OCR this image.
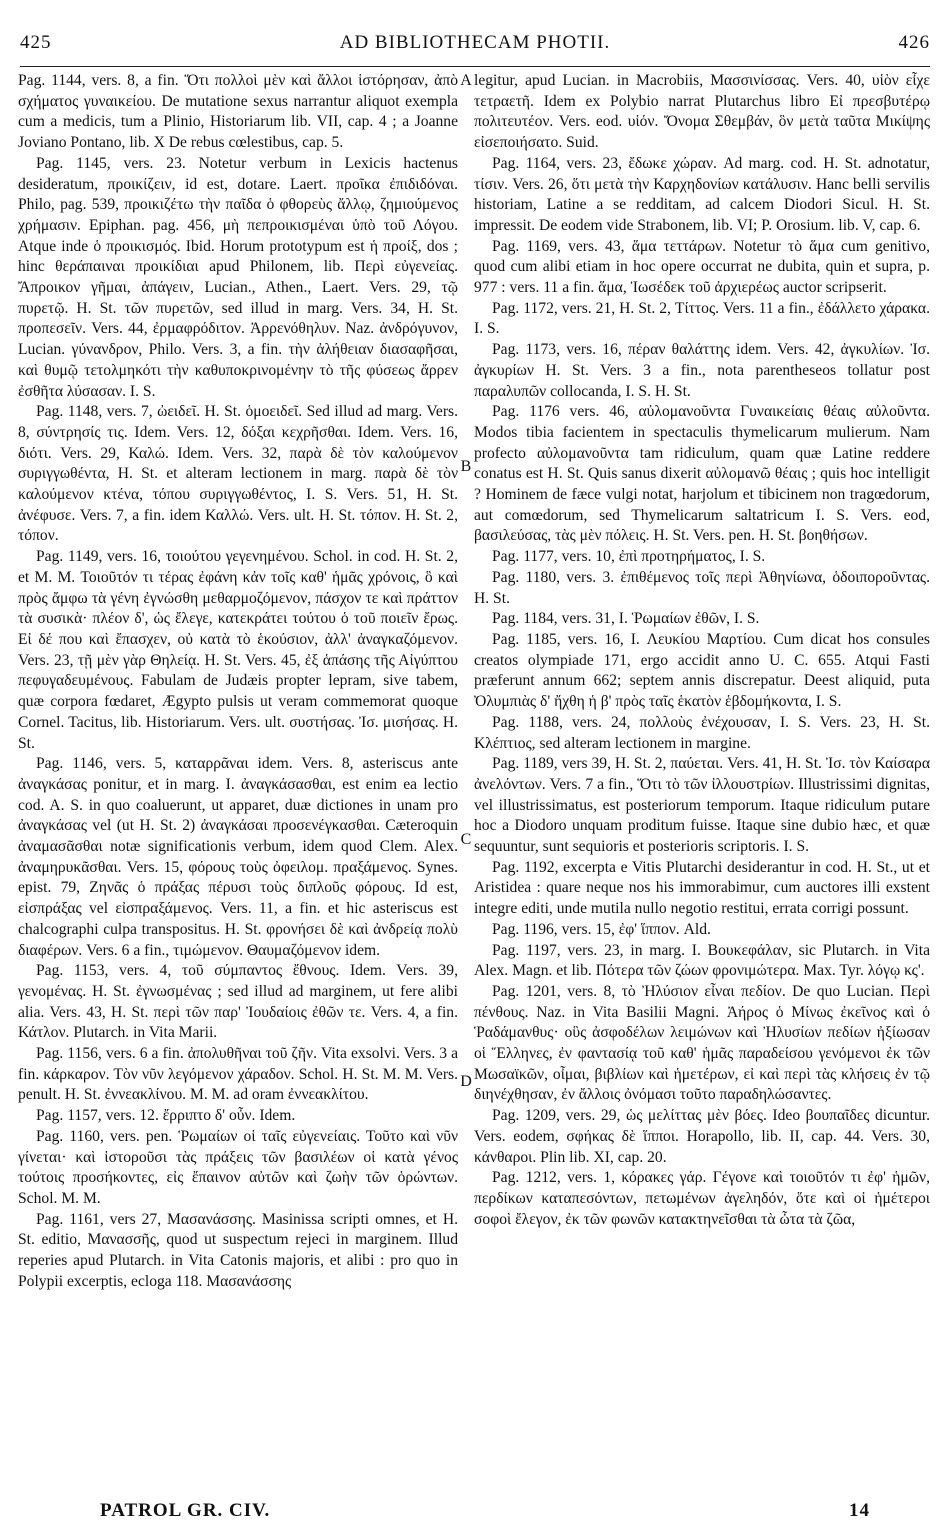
425	AD BIBLIOTHECAM PHOTII.	426

Pag. 1144, vers. 8, a fin. Ὅτι πολλοὶ μὲν καὶ ἄλλοι ἱστόρησαν, ἀπὸ σχήματος γυναικείου. De mutatione sexus narrantur aliquot exempla cum a medicis, tum a Plinio, Historiarum lib. VII, cap. 4 ; a Joanne Joviano Pontano, lib. X De rebus cœlestibus, cap. 5.

Pag. 1145, vers. 23. Notetur verbum in Lexicis hactenus desideratum, προικίζειν, id est, dotare. Laert. προῖκα ἐπιδιδόναι. Philo, pag. 539, προικιζέτω τὴν παῖδα ὁ φθορεὺς ἄλλῳ, ζημιούμενος χρήμασιν. Epiphan. pag. 456, μὴ πεπροικισμέναι ὑπὸ τοῦ Λόγου. Atque inde ὁ προικισμός. Ibid. Horum prototypum est ἡ προίξ, dos ; hinc θεράπαιναι προικίδιαι apud Philonem, lib. Περὶ εὐγενείας. Ἄπροικον γῆμαι, ἀπάγειν, Lucian., Athen., Laert. Vers. 29, τῷ πυρετῷ. H. St. τῶν πυρετῶν, sed illud in marg. Vers. 34, H. St. προπεσεῖν. Vers. 44, ἐρμαφρόδιτον. Ἀρρενόθηλυν. Naz. ἀνδρόγυνον, Lucian. γύνανδρον, Philo. Vers. 3, a fin. τὴν ἀλήθειαν διασαφῆσαι, καὶ θυμῷ τετολμηκότι τὴν καθυποκρινομένην τὸ τῆς φύσεως ἄρρεν ἐσθῆτα λύσασαν. I. S.

Pag. 1148, vers. 7, ὠειδεῖ. H. St. ὁμοειδεῖ. Sed illud ad marg. Vers. 8, σύντρησίς τις. Idem. Vers. 12, δόξαι κεχρῆσθαι. Idem. Vers. 16, διότι. Vers. 29, Καλώ. Idem. Vers. 32, παρὰ δὲ τὸν καλούμενον συριγγωθέντα, H. St. et alteram lectionem in marg. παρὰ δὲ τὸν καλούμενον κτένα, τόπου συριγγωθέντος, I. S. Vers. 51, H. St. ἀνέφυσε. Vers. 7, a fin. idem Καλλώ. Vers. ult. H. St. τόπον. H. St. 2, τόπον.

Pag. 1149, vers. 16, τοιούτου γεγενημένου. Schol. in cod. H. St. 2, et M. M. Τοιοῦτόν τι τέρας ἐφάνη κἀν τοῖς καθ' ἡμᾶς χρόνοις, ὃ καὶ πρὸς ἄμφω τὰ γένη ἐγνώσθη μεθαρμοζόμενον, πάσχον τε καὶ πράττον τὰ συσικὰ· πλέον δ', ὡς ἔλεγε, κατεκράτει τούτου ὁ τοῦ ποιεῖν ἔρως. Εἰ δέ που καὶ ἔπασχεν, οὐ κατὰ τὸ ἑκούσιον, ἀλλ' ἀναγκαζόμενον. Vers. 23, τῇ μὲν γὰρ Θηλείᾳ. H. St. Vers. 45, ἐξ ἁπάσης τῆς Αἰγύπτου πεφυγαδευμένους. Fabulam de Judæis propter lepram, sive tabem, quæ corpora fœdaret, Ægypto pulsis ut veram commemorat quoque Cornel. Tacitus, lib. Historiarum. Vers. ult. συστήσας. Ἰσ. μισήσας. H. St.

Pag. 1146, vers. 5, καταρρᾶναι idem. Vers. 8, asteriscus ante ἀναγκάσας ponitur, et in marg. I. ἀναγκάσασθαι, est enim ea lectio cod. A. S. in quo coaluerunt, ut apparet, duæ dictiones in unam pro ἀναγκάσας vel (ut H. St. 2) ἀναγκάσαι προσενέγκασθαι. Cæteroquin ἀναμασᾶσθαι notæ significationis verbum, idem quod Clem. Alex. ἀναμηρυκᾶσθαι. Vers. 15, φόρους τοὺς ὀφειλομ. πραξάμενος. Synes. epist. 79, Ζηνᾶς ὁ πράξας πέρυσι τοὺς διπλοῦς φόρους. Id est, εἰσπράξας vel εἰσπραξάμενος. Vers. 11, a fin. et hic asteriscus est chalcographi culpa transpositus. H. St. φρονήσει δὲ καὶ ἀνδρείᾳ πολὺ διαφέρων. Vers. 6 a fin., τιμώμενον. Θαυμαζόμενον idem.

Pag. 1153, vers. 4, τοῦ σύμπαντος ἔθνους. Idem. Vers. 39, γενομένας. H. St. ἐγνωσμένας ; sed illud ad marginem, ut fere alibi alia. Vers. 43, H. St. περὶ τῶν παρ' Ἰουδαίοις ἐθῶν τε. Vers. 4, a fin. Κάτλον. Plutarch. in Vita Marii.

Pag. 1156, vers. 6 a fin. ἀπολυθῆναι τοῦ ζῆν. Vita exsolvi. Vers. 3 a fin. κάρκαρον. Τὸν νῦν λεγόμενον χάραδον. Schol. H. St. M. M. Vers. penult. H. St. ἐννεακλίνου. M. M. ad oram ἐννεακλίτου.

Pag. 1157, vers. 12. ἔρριπτο δ' οὖν. Idem.

Pag. 1160, vers. pen. Ῥωμαίων οἱ ταῖς εὐγενείαις. Τοῦτο καὶ νῦν γίνεται· καὶ ἱστοροῦσι τὰς πράξεις τῶν βασιλέων οἱ κατὰ γένος τούτοις προσήκοντες, εἰς ἔπαινον αὐτῶν καὶ ζωὴν τῶν ὁρώντων. Schol. M. M.

Pag. 1161, vers 27, Μασανάσσης. Masinissa scripti omnes, et H. St. editio, Μανασσῆς, quod ut suspectum rejeci in marginem. Illud reperies apud Plutarch. in Vita Catonis majoris, et alibi : pro quo in Polypii excerptis, ecloga 118. Μασανάσσης

A
B
C
D

legitur, apud Lucian. in Macrobiis, Μασσινίσσας. Vers. 40, υἱὸν εἶχε τετραετῆ. Idem ex Polybio narrat Plutarchus libro Εἰ πρεσβυτέρῳ πολιτευτέον. Vers. eod. υἱόν. Ὄνομα Σθεμβάν, ὃν μετὰ ταῦτα Μικίψης εἰσεποιήσατο. Suid.

Pag. 1164, vers. 23, ἔδωκε χώραν. Ad marg. cod. H. St. adnotatur, τίσιν. Vers. 26, ὅτι μετὰ τὴν Καρχηδονίων κατάλυσιν. Hanc belli servilis historiam, Latine a se redditam, ad calcem Diodori Sicul. H. St. impressit. De eodem vide Strabonem, lib. VI; P. Orosium. lib. V, cap. 6.

Pag. 1169, vers. 43, ἅμα τεττάρων. Notetur τὸ ἅμα cum genitivo, quod cum alibi etiam in hoc opere occurrat ne dubita, quin et supra, p. 977 : vers. 11 a fin. ἅμα, Ἰωσέδεκ τοῦ ἀρχιερέως auctor scripserit.

Pag. 1172, vers. 21, H. St. 2, Τίττος. Vers. 11 a fin., ἐδάλλετο χάρακα. I. S.

Pag. 1173, vers. 16, πέραν θαλάττης idem. Vers. 42, ἀγκυλίων. Ἰσ. ἀγκυρίων H. St. Vers. 3 a fin., nota parentheseos tollatur post παραλυπῶν collocanda, I. S. H. St.

Pag. 1176 vers. 46, αὐλομανοῦντα Γυναικείαις θέαις αὐλοῦντα. Modos tibia facientem in spectaculis thymelicarum mulierum. Nam profecto αὐλομανοῦντα tam ridiculum, quam quæ Latine reddere conatus est H. St. Quis sanus dixerit αὐλομανῶ θέαις ; quis hoc intelligit ? Hominem de fæce vulgi notat, harjolum et tibicinem non tragœdorum, aut comœdorum, sed Thymelicarum saltatricum I. S. Vers. eod, βασιλεύσας, τὰς μὲν πόλεις. H. St. Vers. pen. H. St. βοηθήσων.

Pag. 1177, vers. 10, ἐπὶ προτηρήματος, I. S.

Pag. 1180, vers. 3. ἐπιθέμενος τοῖς περὶ Ἀθηνίωνα, ὁδοιποροῦντας. H. St.

Pag. 1184, vers. 31, I. Ῥωμαίων ἐθῶν, I. S.

Pag. 1185, vers. 16, I. Λευκίου Μαρτίου. Cum dicat hos consules creatos olympiade 171, ergo accidit anno U. C. 655. Atqui Fasti præferunt annum 662; septem annis discrepatur. Deest aliquid, puta Ὀλυμπιὰς δ' ἤχθη ἡ β' πρὸς ταῖς ἑκατὸν ἑβδομήκοντα, I. S.

Pag. 1188, vers. 24, πολλοὺς ἐνέχουσαν, I. S. Vers. 23, H. St. Κλέπτιος, sed alteram lectionem in margine.

Pag. 1189, vers 39, H. St. 2, παύεται. Vers. 41, H. St. Ἰσ. τὸν Καίσαρα ἀνελόντων. Vers. 7 a fin., Ὅτι τὸ τῶν ἰλλουστρίων. Illustrissimi dignitas, vel illustrissimatus, est posteriorum temporum. Itaque ridiculum putare hoc a Diodoro unquam proditum fuisse. Itaque sine dubio hæc, et quæ sequuntur, sunt sequioris et posterioris scriptoris. I. S.

Pag. 1192, excerpta e Vitis Plutarchi desiderantur in cod. H. St., ut et Aristidea : quare neque nos his immorabimur, cum auctores illi exstent integre editi, unde mutila nullo negotio restitui, errata corrigi possunt.

Pag. 1196, vers. 15, ἐφ' ἵππον. Ald.

Pag. 1197, vers. 23, in marg. I. Βουκεφάλαν, sic Plutarch. in Vita Alex. Magn. et lib. Πότερα τῶν ζώων φρονιμώτερα. Max. Tyr. λόγῳ κς'.

Pag. 1201, vers. 8, τὸ Ἠλύσιον εἶναι πεδίον. De quo Lucian. Περὶ πένθους. Naz. in Vita Basilii Magni. Ἀήρος ὁ Μίνως ἐκεῖνος καὶ ὁ Ῥαδάμανθυς· οὓς ἀσφοδέλων λειμώνων καὶ Ἠλυσίων πεδίων ἠξίωσαν οἱ Ἕλληνες, ἐν φαντασίᾳ τοῦ καθ' ἡμᾶς παραδείσου γενόμενοι ἐκ τῶν Μωσαϊκῶν, οἶμαι, βιβλίων καὶ ἡμετέρων, εἰ καὶ περὶ τὰς κλήσεις ἐν τῷ διηνέχθησαν, ἐν ἄλλοις ὀνόμασι τοῦτο παραδηλώσαντες.

Pag. 1209, vers. 29, ὡς μελίττας μὲν βόες. Ideo βουπαῖδες dicuntur. Vers. eodem, σφήκας δὲ ἵπποι. Horapollo, lib. II, cap. 44. Vers. 30, κάνθαροι. Plin lib. XI, cap. 20.

Pag. 1212, vers. 1, κόρακες γάρ. Γέγονε καὶ τοιοῦτόν τι ἐφ' ἡμῶν, περδίκων καταπεσόντων, πετωμένων ἀγεληδόν, ὅτε καὶ οἱ ἡμέτεροι σοφοὶ ἔλεγον, ἐκ τῶν φωνῶν κατακτηνεῖσθαι τὰ ὦτα τὰ ζῶα,

PATROL GR. CIV.	14
